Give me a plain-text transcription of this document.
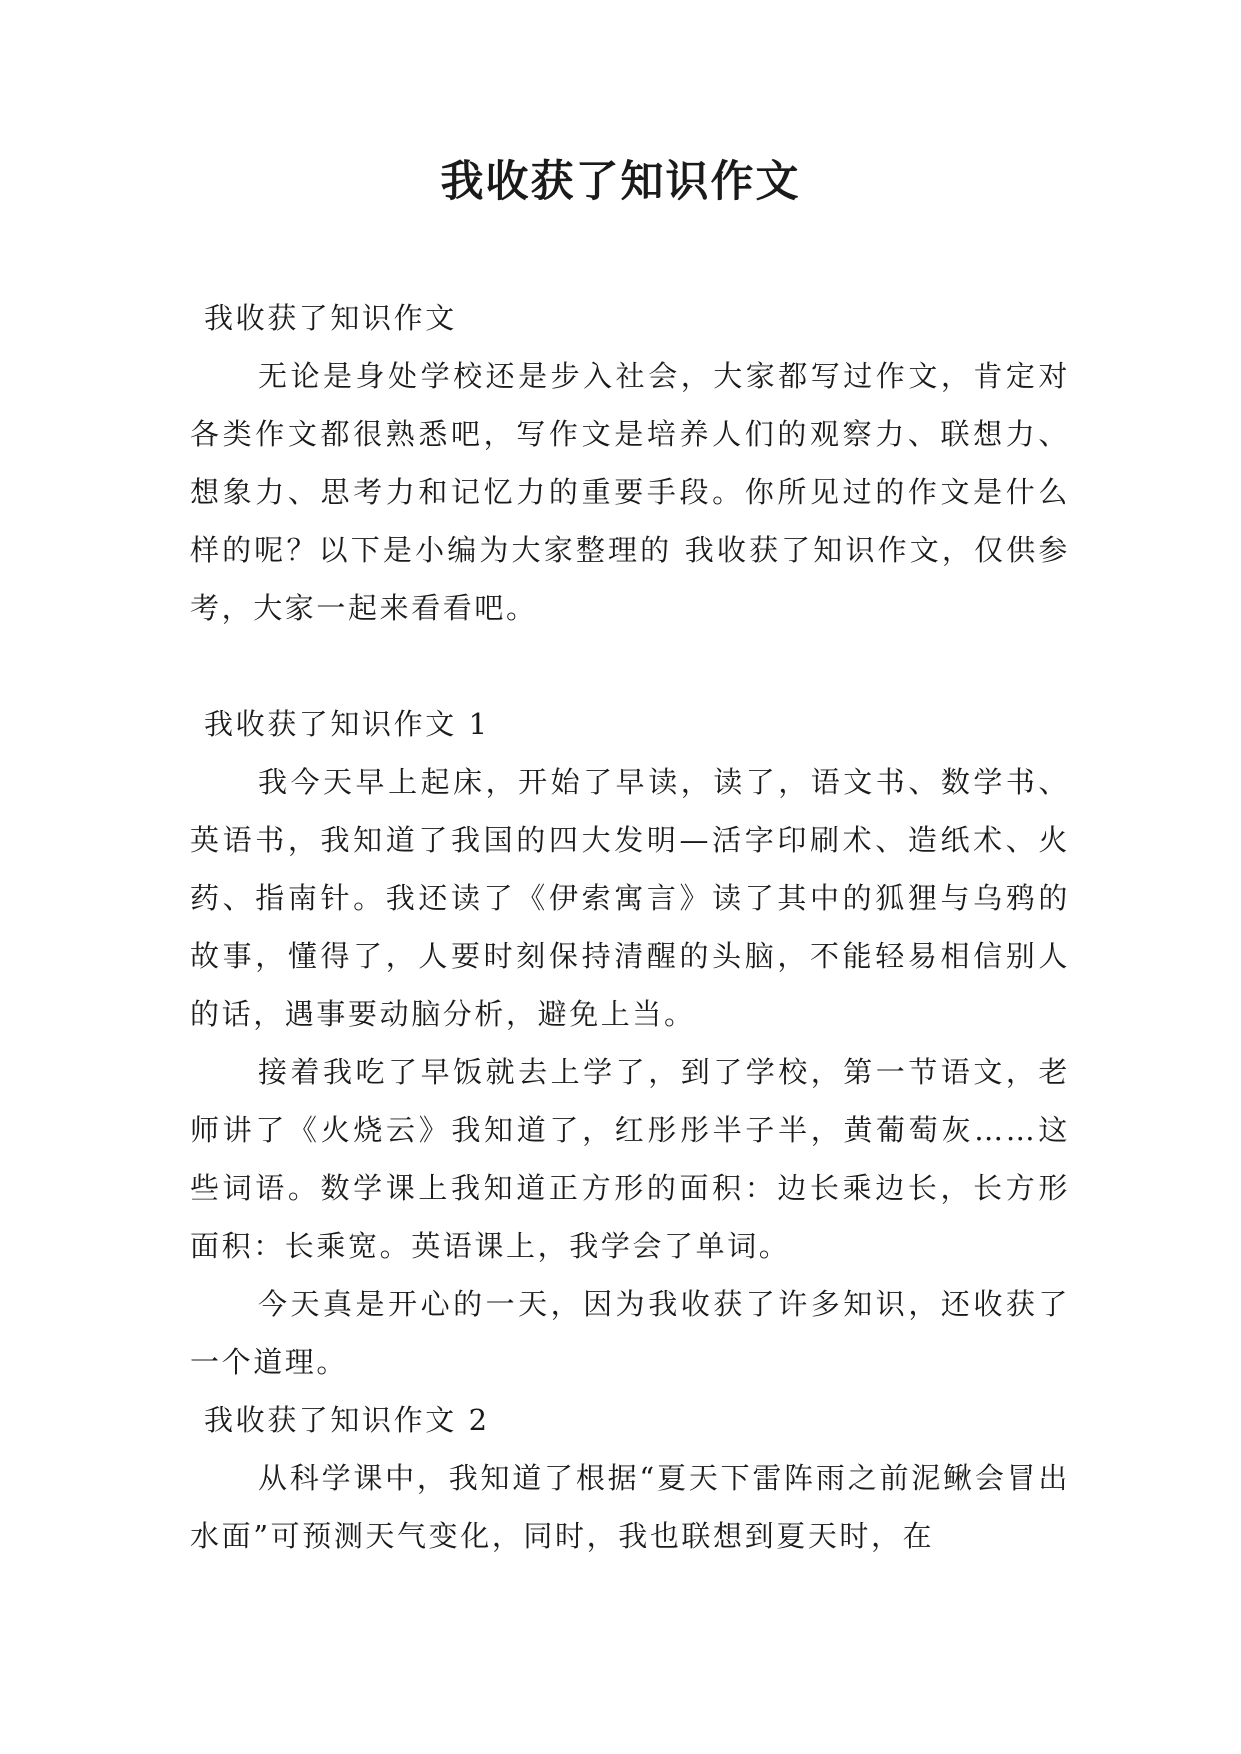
我收获了知识作文

我收获了知识作文

无论是身处学校还是步入社会，大家都写过作文，肯定对各类作文都很熟悉吧，写作文是培养人们的观察力、联想力、想象力、思考力和记忆力的重要手段。你所见过的作文是什么样的呢？以下是小编为大家整理的 我收获了知识作文，仅供参考，大家一起来看看吧。

我收获了知识作文 1

我今天早上起床，开始了早读，读了，语文书、数学书、英语书，我知道了我国的四大发明—活字印刷术、造纸术、火药、指南针。我还读了《伊索寓言》读了其中的狐狸与乌鸦的故事，懂得了，人要时刻保持清醒的头脑，不能轻易相信别人的话，遇事要动脑分析，避免上当。

接着我吃了早饭就去上学了，到了学校，第一节语文，老师讲了《火烧云》我知道了，红彤彤半子半，黄葡萄灰……这些词语。数学课上我知道正方形的面积：边长乘边长，长方形面积：长乘宽。英语课上，我学会了单词。

今天真是开心的一天，因为我收获了许多知识，还收获了一个道理。

我收获了知识作文 2

从科学课中，我知道了根据“夏天下雷阵雨之前泥鳅会冒出水面”可预测天气变化，同时，我也联想到夏天时，在
